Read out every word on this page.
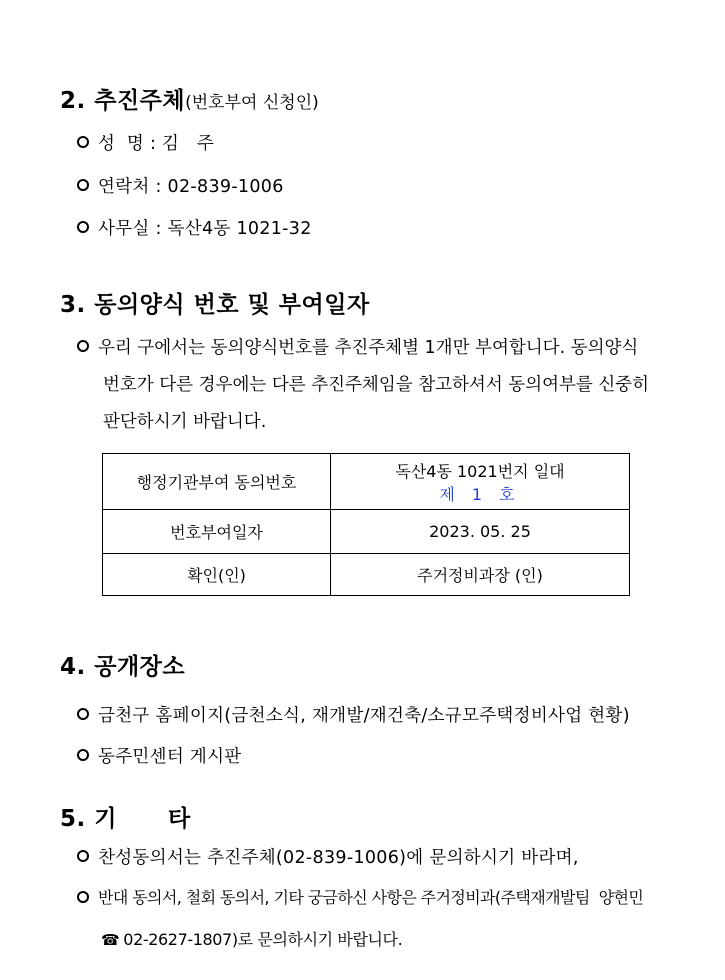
2. 추진주체(번호부여 신청인)
성  명 : 김   주
연락처 : 02-839-1006
사무실 : 독산4동 1021-32
3. 동의양식 번호 및 부여일자
우리 구에서는 동의양식번호를 추진주체별 1개만 부여합니다. 동의양식
번호가 다른 경우에는 다른 추진주체임을 참고하셔서 동의여부를 신중히
판단하시기 바랍니다.
행정기관부여 동의번호	독산4동 1021번지 일대
제 1 호

번호부여일자	2023. 05. 25
확인(인)	주거정비과장 (인)
4. 공개장소
금천구 홈페이지(금천소식, 재개발/재건축/소규모주택정비사업 현황)
동주민센터 게시판
5. 기      타
찬성동의서는 추진주체(02-839-1006)에 문의하시기 바라며,
반대 동의서, 철회 동의서, 기타 궁금하신 사항은 주거정비과(주택재개발팀  양현민
☎ 02-2627-1807)로 문의하시기 바랍니다.
